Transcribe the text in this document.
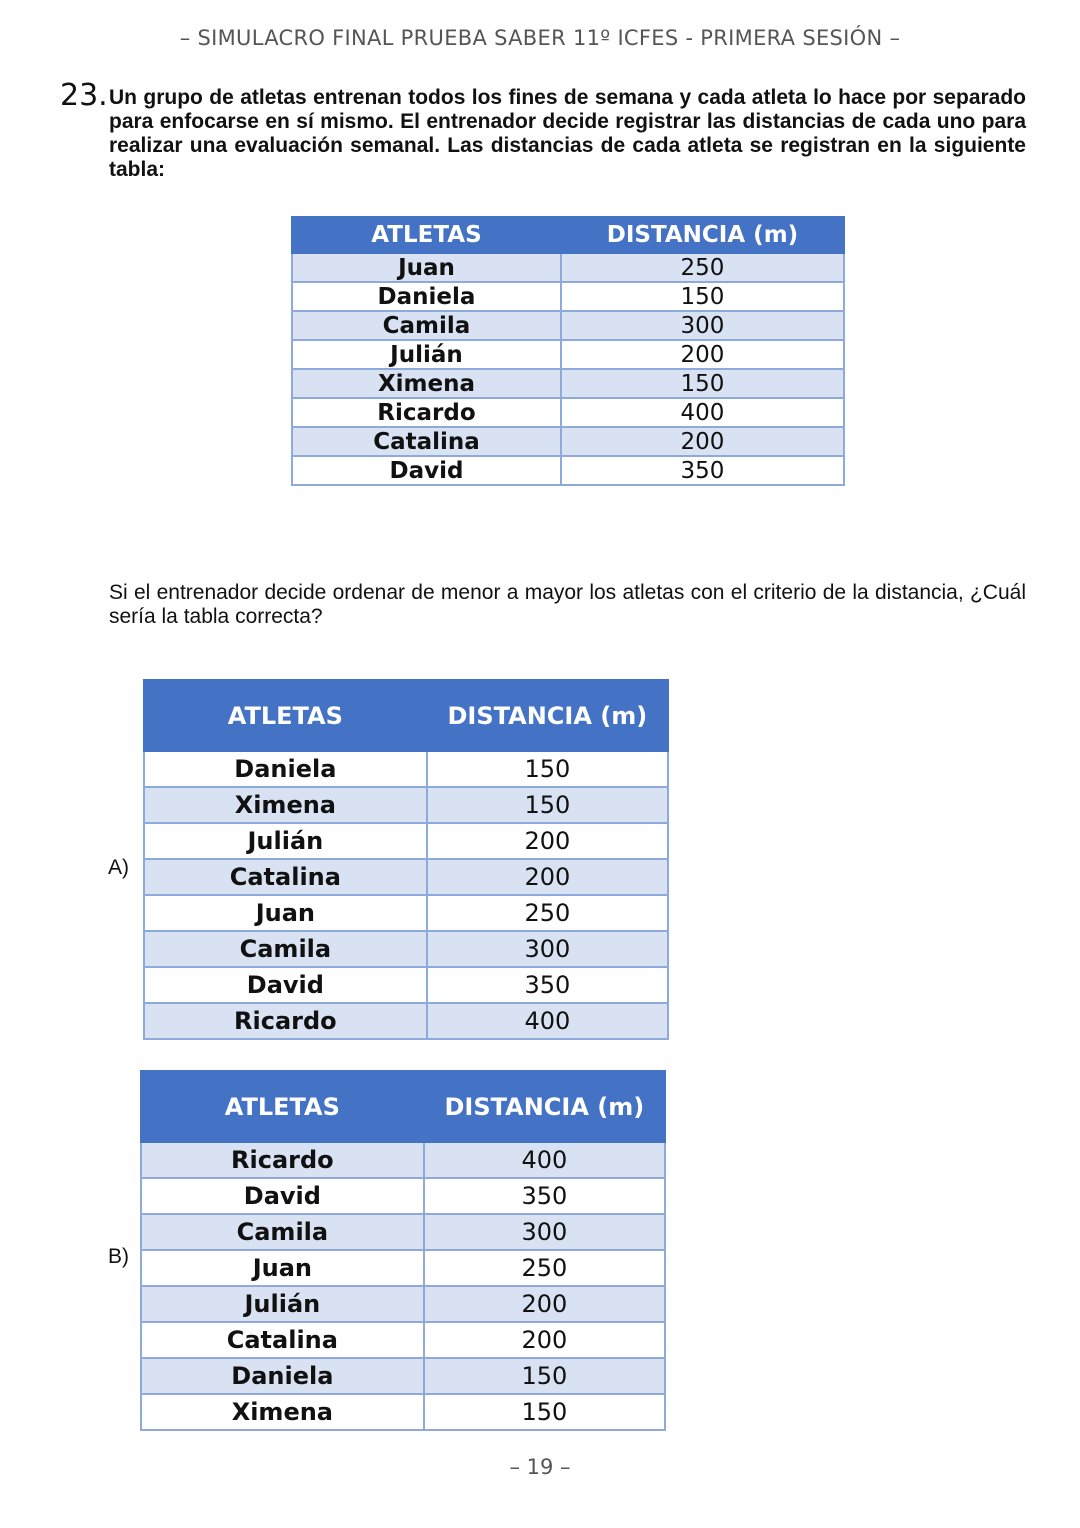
– SIMULACRO FINAL PRUEBA SABER 11º ICFES - PRIMERA SESIÓN –
23. Un grupo de atletas entrenan todos los fines de semana y cada atleta lo hace por separado para enfocarse en sí mismo. El entrenador decide registrar las distancias de cada uno para realizar una evaluación semanal. Las distancias de cada atleta se registran en la siguiente tabla:
ATLETAS	DISTANCIA (m)
Juan	250
Daniela	150
Camila	300
Julián	200
Ximena	150
Ricardo	400
Catalina	200
David	350
Si el entrenador decide ordenar de menor a mayor los atletas con el criterio de la distancia, ¿Cuál sería la tabla correcta?
A)
ATLETAS	DISTANCIA (m)
Daniela	150
Ximena	150
Julián	200
Catalina	200
Juan	250
Camila	300
David	350
Ricardo	400
B)
ATLETAS	DISTANCIA (m)
Ricardo	400
David	350
Camila	300
Juan	250
Julián	200
Catalina	200
Daniela	150
Ximena	150
– 19 –
